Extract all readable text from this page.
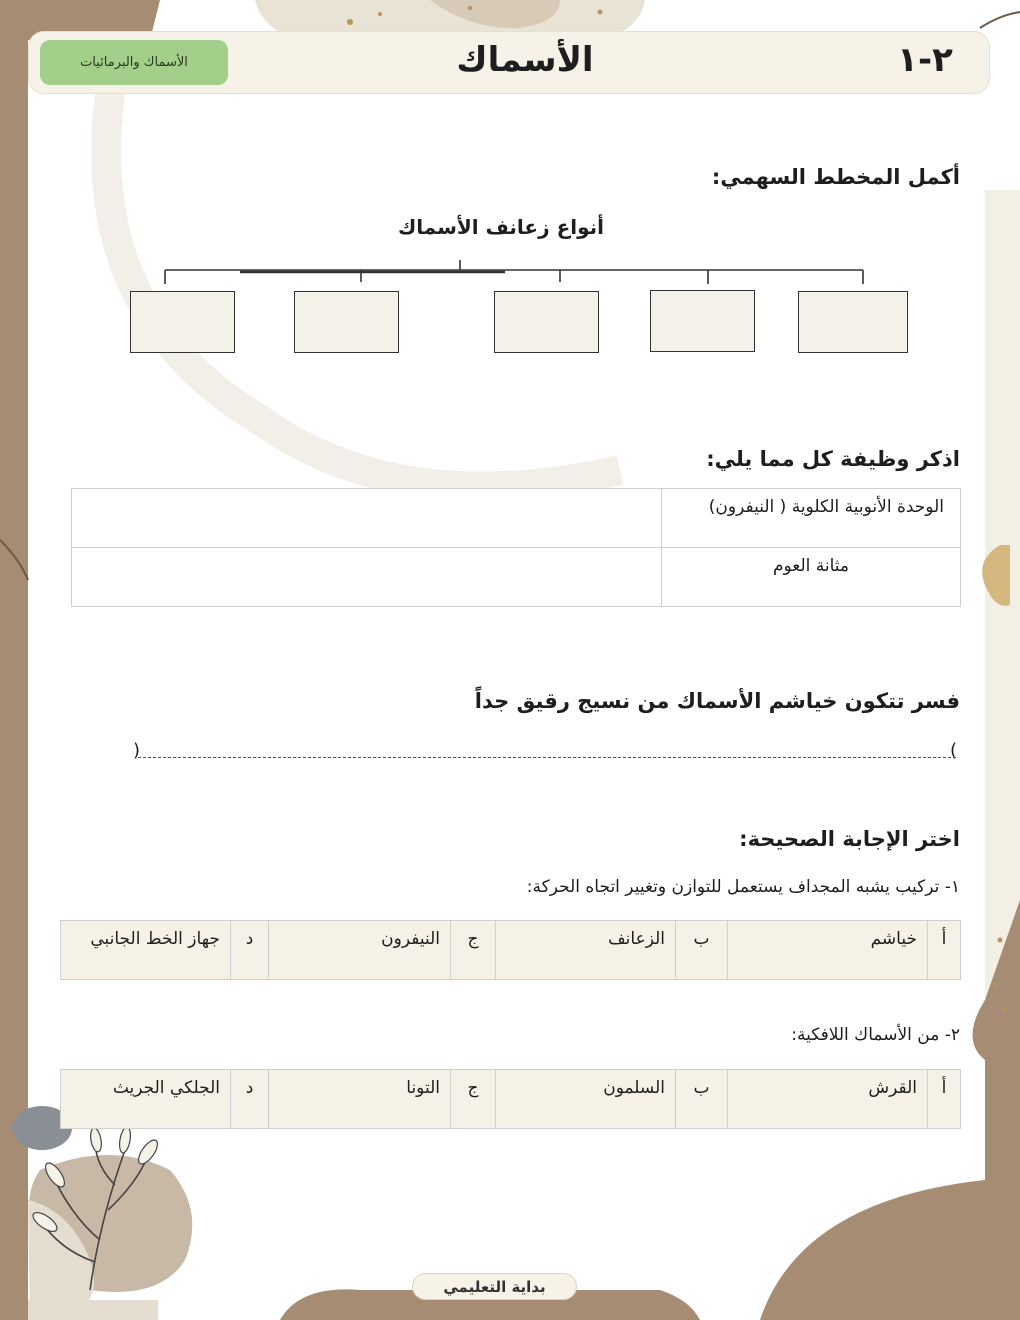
الأسماك والبرمائيات	الأسماك	٢-١
أكمل المخطط السهمي:
أنواع زعانف الأسماك
اذكر وظيفة كل مما يلي:
	الوحدة الأنوبية الكلوية ( النيفرون)
	مثانة العوم
فسر تتكون خياشم الأسماك من نسيج رقيق جداً
(
)
اختر الإجابة الصحيحة:
١- تركيب يشبه المجداف يستعمل للتوازن وتغيير اتجاه الحركة:
جهاز الخط الجانبي	د	النيفرون	ج	الزعانف	ب	خياشم	أ
٢- من الأسماك اللافكية:
الجلكي الجريث	د	التونا	ج	السلمون	ب	القرش	أ
بداية التعليمي
